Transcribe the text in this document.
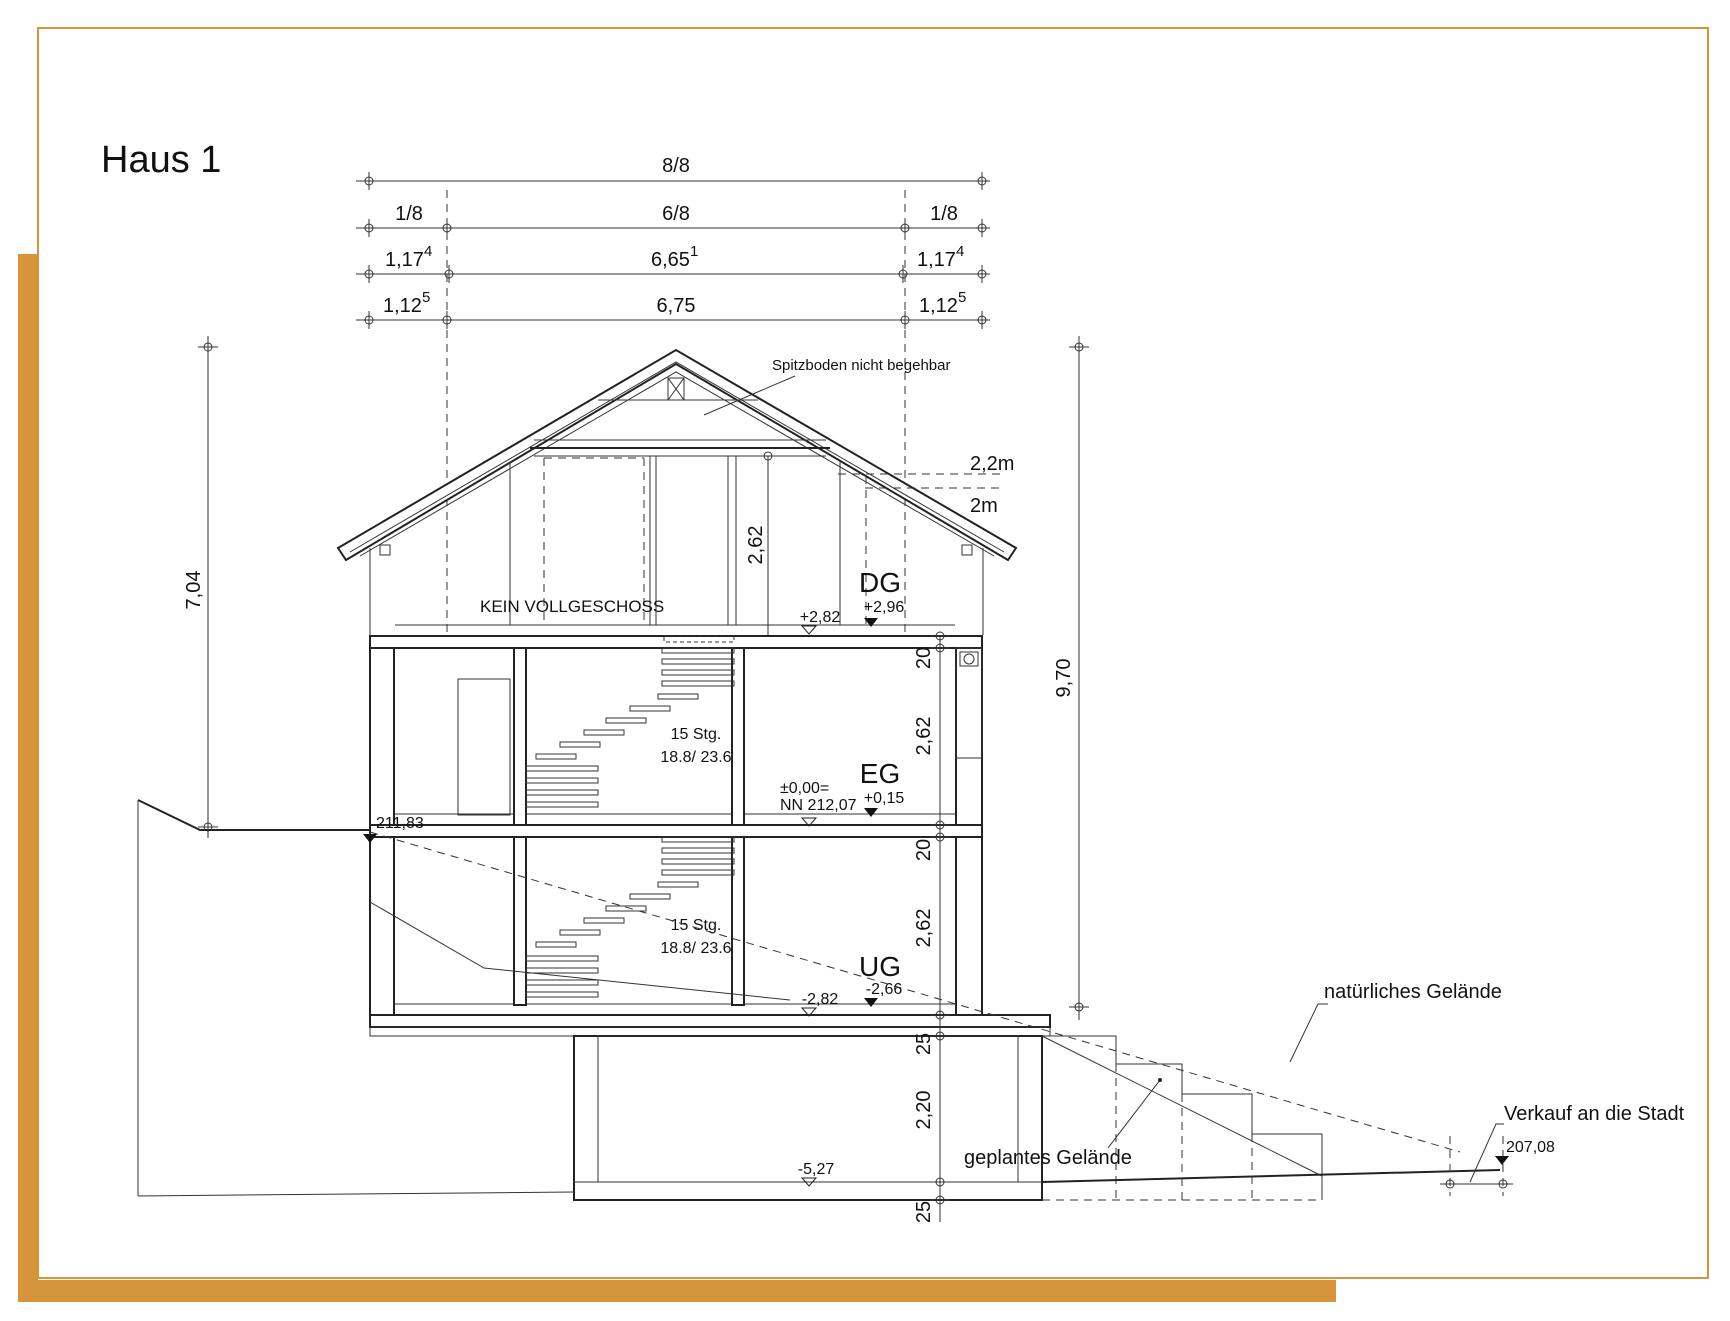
Haus 1	8/8
1/8	6/8	1/8
1,17$^4$	6,65$^1$	1,17$^4$
1,12$^5$	6,75	1,12$^5$
7,04
9,70
Spitzboden nicht begehbar
2,62
2,2m
2m
15 Stg.
18.8/ 23.6
15 Stg.
18.8/ 23.6
KEIN VOLLGESCHOSS
DG
+2,96
+2,82
EG
+0,15
±0,00=
NN 212,07
UG
-2,66
-2,82
-5,27
20
2,62
20
2,62
25
2,20
25
211,83
natürliches Gelände
geplantes Gelände
Verkauf an die Stadt
207,08
